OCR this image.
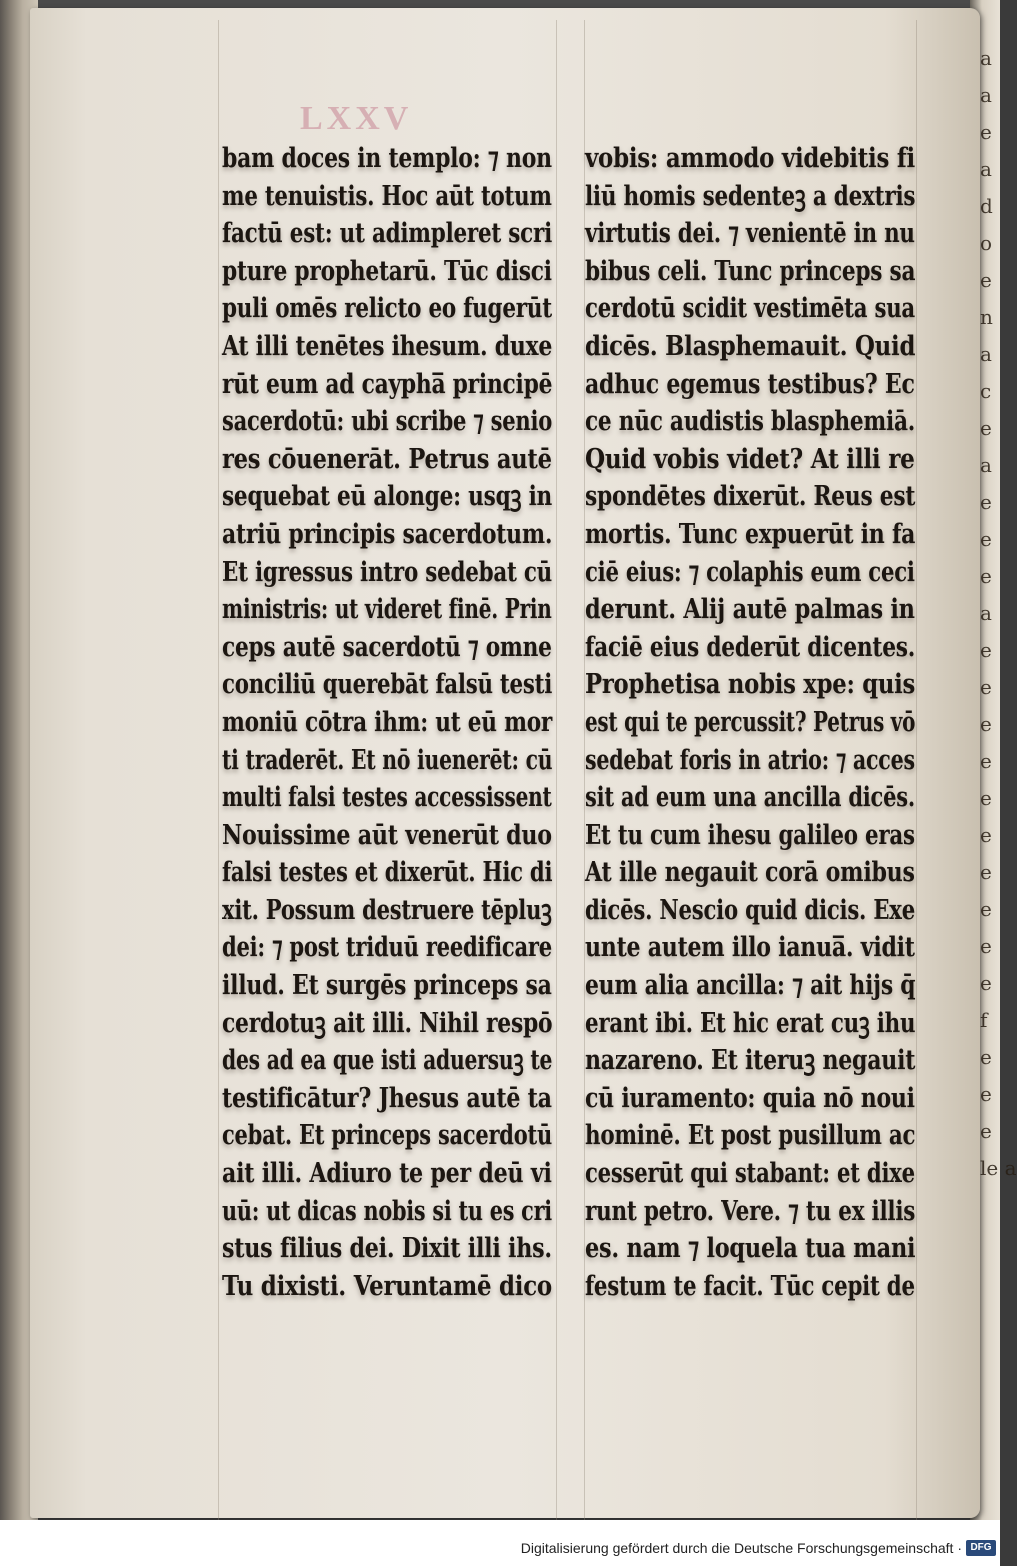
LXXV
bam doces in templo: ⁊ non
me tenuistis. Hoc aūt totum
factū est: ut adimpleret scri
pture prophetarū. Tūc disci
puli omēs relicto eo fugerūt
At illi tenētes ihesum. duxe
rūt eum ad caypha̅ principē
sacerdotū: ubi scribe ⁊ senio
res cōuenerāt. Petrus autē
sequebat eū alonge: usqꝫ in
atriū principis sacerdotum.
Et igressus intro sedebat cū
ministris: ut videret finē. Prin
ceps autē sacerdotū ⁊ omne
conciliū querebāt falsū testi
moniū cōtra ihm: ut eū mor
ti traderēt. Et nō iuenerēt: cū
multi falsi testes accessissent
Nouissime aūt venerūt duo
falsi testes et dixerūt. Hic di
xit. Possum destruere tēpluꝫ
dei: ⁊ post triduū reedificare
illud. Et surgēs princeps sa
cerdotuꝫ ait illi. Nihil respō
des ad ea que isti aduersuꝫ te
testificātur? Jhesus autē ta
cebat. Et princeps sacerdotū
ait illi. Adiuro te per deū vi
uū: ut dicas nobis si tu es cri
stus filius dei. Dixit illi ihs.
Tu dixisti. Veruntamē dico
vobis: ammodo videbitis fi
liū homis sedenteꝫ a dextris
virtutis dei. ⁊ venientē in nu
bibus celi. Tunc princeps sa
cerdotū scidit vestimēta sua
dicēs. Blasphemauit. Quid
adhuc egemus testibus? Ec
ce nūc audistis blasphemiā.
Quid vobis videt? At illi re
spondētes dixerūt. Reus est
mortis. Tunc expuerūt in fa
ciē eius: ⁊ colaphis eum ceci
derunt. Alij autē palmas in
faciē eius dederūt dicentes.
Prophetisa nobis xpe: quis
est qui te percussit? Petrus vō
sedebat foris in atrio: ⁊ acces
sit ad eum una ancilla dicēs.
Et tu cum ihesu galileo eras
At ille negauit corā omibus
dicēs. Nescio quid dicis. Exe
unte autem illo ianua̅. vidit
eum alia ancilla: ⁊ ait hijs q̄
erant ibi. Et hic erat cuꝫ ihu
nazareno. Et iteruꝫ negauit
cū iuramento: quia nō noui
hominē. Et post pusillum ac
cesserūt qui stabant: et dixe
runt petro. Vere. ⁊ tu ex illis
es. nam ⁊ loquela tua mani
festum te facit. Tūc cepit de
a
a
e
a
d
o
e
n
a
c
e
a
e
e
e
a
e
e
e
e
e
e
e
e
e
e
f
e
e
e
le a
Digitalisierung gefördert durch die Deutsche Forschungsgemeinschaft · DFG
